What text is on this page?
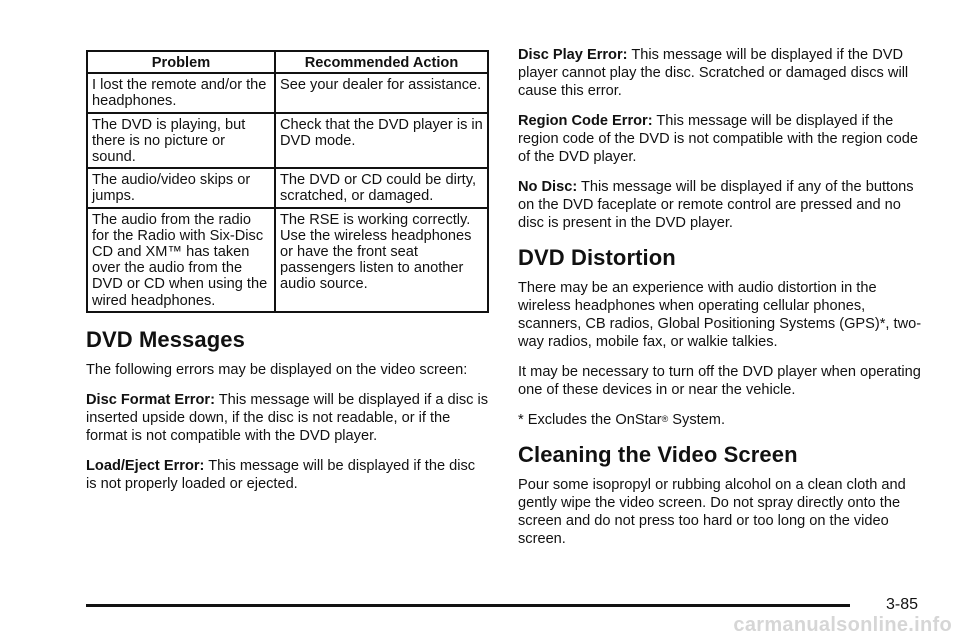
Problem	Recommended Action
I lost the remote and/or the headphones.	See your dealer for assistance.
The DVD is playing, but there is no picture or sound.	Check that the DVD player is in DVD mode.
The audio/video skips or jumps.	The DVD or CD could be dirty, scratched, or damaged.
The audio from the radio for the Radio with Six-Disc CD and XM™ has taken over the audio from the DVD or CD when using the wired headphones.	The RSE is working correctly. Use the wireless headphones or have the front seat passengers listen to another audio source.
DVD Messages

The following errors may be displayed on the video screen:

Disc Format Error: This message will be displayed if a disc is inserted upside down, if the disc is not readable, or if the format is not compatible with the DVD player.

Load/Eject Error: This message will be displayed if the disc is not properly loaded or ejected.

Disc Play Error: This message will be displayed if the DVD player cannot play the disc. Scratched or damaged discs will cause this error.

Region Code Error: This message will be displayed if the region code of the DVD is not compatible with the region code of the DVD player.

No Disc: This message will be displayed if any of the buttons on the DVD faceplate or remote control are pressed and no disc is present in the DVD player.

DVD Distortion

There may be an experience with audio distortion in the wireless headphones when operating cellular phones, scanners, CB radios, Global Positioning Systems (GPS)*, two-way radios, mobile fax, or walkie talkies.

It may be necessary to turn off the DVD player when operating one of these devices in or near the vehicle.

* Excludes the OnStar® System.

Cleaning the Video Screen

Pour some isopropyl or rubbing alcohol on a clean cloth and gently wipe the video screen. Do not spray directly onto the screen and do not press too hard or too long on the video screen.

3-85
carmanualsonline.info
